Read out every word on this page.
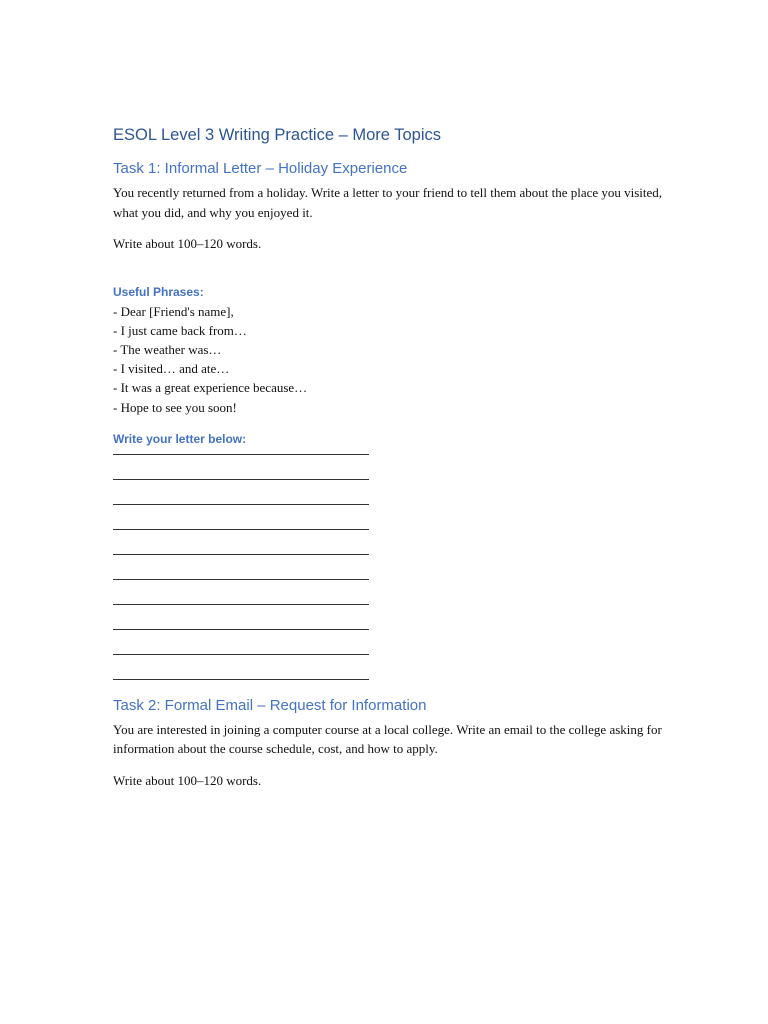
ESOL Level 3 Writing Practice – More Topics
Task 1: Informal Letter – Holiday Experience

You recently returned from a holiday. Write a letter to your friend to tell them about the place you visited, what you did, and why you enjoyed it.

Write about 100–120 words.

Useful Phrases:
- Dear [Friend's name],
- I just came back from…
- The weather was…
- I visited… and ate…
- It was a great experience because…
- Hope to see you soon!
Write your letter below:
Task 2: Formal Email – Request for Information

You are interested in joining a computer course at a local college. Write an email to the college asking for information about the course schedule, cost, and how to apply.

Write about 100–120 words.
